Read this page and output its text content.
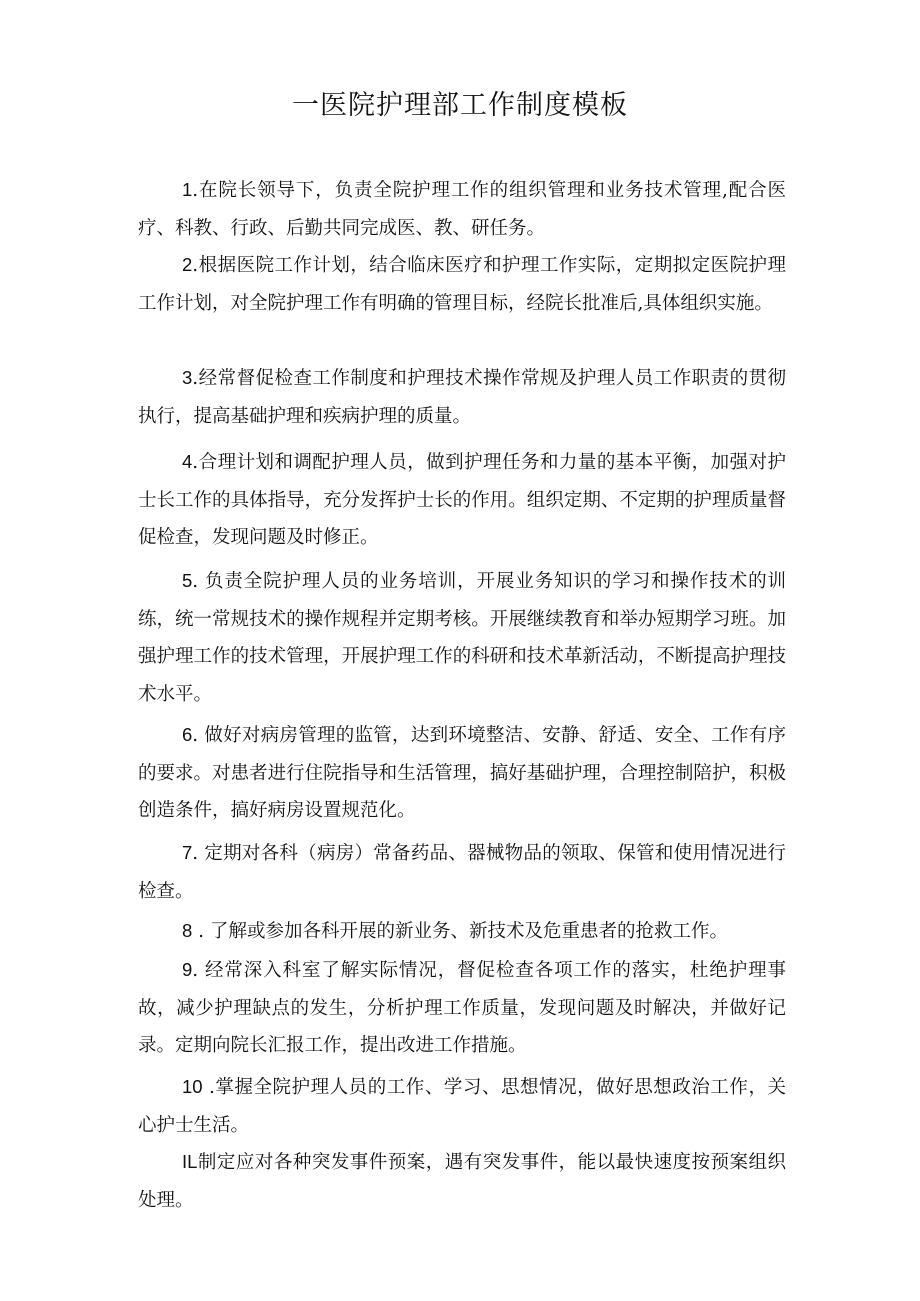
一医院护理部工作制度模板

1.在院长领导下，负责全院护理工作的组织管理和业务技术管理,配合医疗、科教、行政、后勤共同完成医、教、研任务。

2.根据医院工作计划，结合临床医疗和护理工作实际，定期拟定医院护理工作计划，对全院护理工作有明确的管理目标，经院长批准后,具体组织实施。

3.经常督促检查工作制度和护理技术操作常规及护理人员工作职责的贯彻执行，提高基础护理和疾病护理的质量。

4.合理计划和调配护理人员，做到护理任务和力量的基本平衡，加强对护士长工作的具体指导，充分发挥护士长的作用。组织定期、不定期的护理质量督促检查，发现问题及时修正。

5. 负责全院护理人员的业务培训，开展业务知识的学习和操作技术的训练，统一常规技术的操作规程并定期考核。开展继续教育和举办短期学习班。加强护理工作的技术管理，开展护理工作的科研和技术革新活动，不断提高护理技术水平。

6. 做好对病房管理的监管，达到环境整洁、安静、舒适、安全、工作有序的要求。对患者进行住院指导和生活管理，搞好基础护理，合理控制陪护，积极创造条件，搞好病房设置规范化。

7. 定期对各科（病房）常备药品、器械物品的领取、保管和使用情况进行检查。

8 . 了解或参加各科开展的新业务、新技术及危重患者的抢救工作。

9. 经常深入科室了解实际情况，督促检查各项工作的落实，杜绝护理事故，减少护理缺点的发生，分析护理工作质量，发现问题及时解决，并做好记录。定期向院长汇报工作，提出改进工作措施。

10 .掌握全院护理人员的工作、学习、思想情况，做好思想政治工作，关心护士生活。

IL制定应对各种突发事件预案，遇有突发事件，能以最快速度按预案组织处理。
